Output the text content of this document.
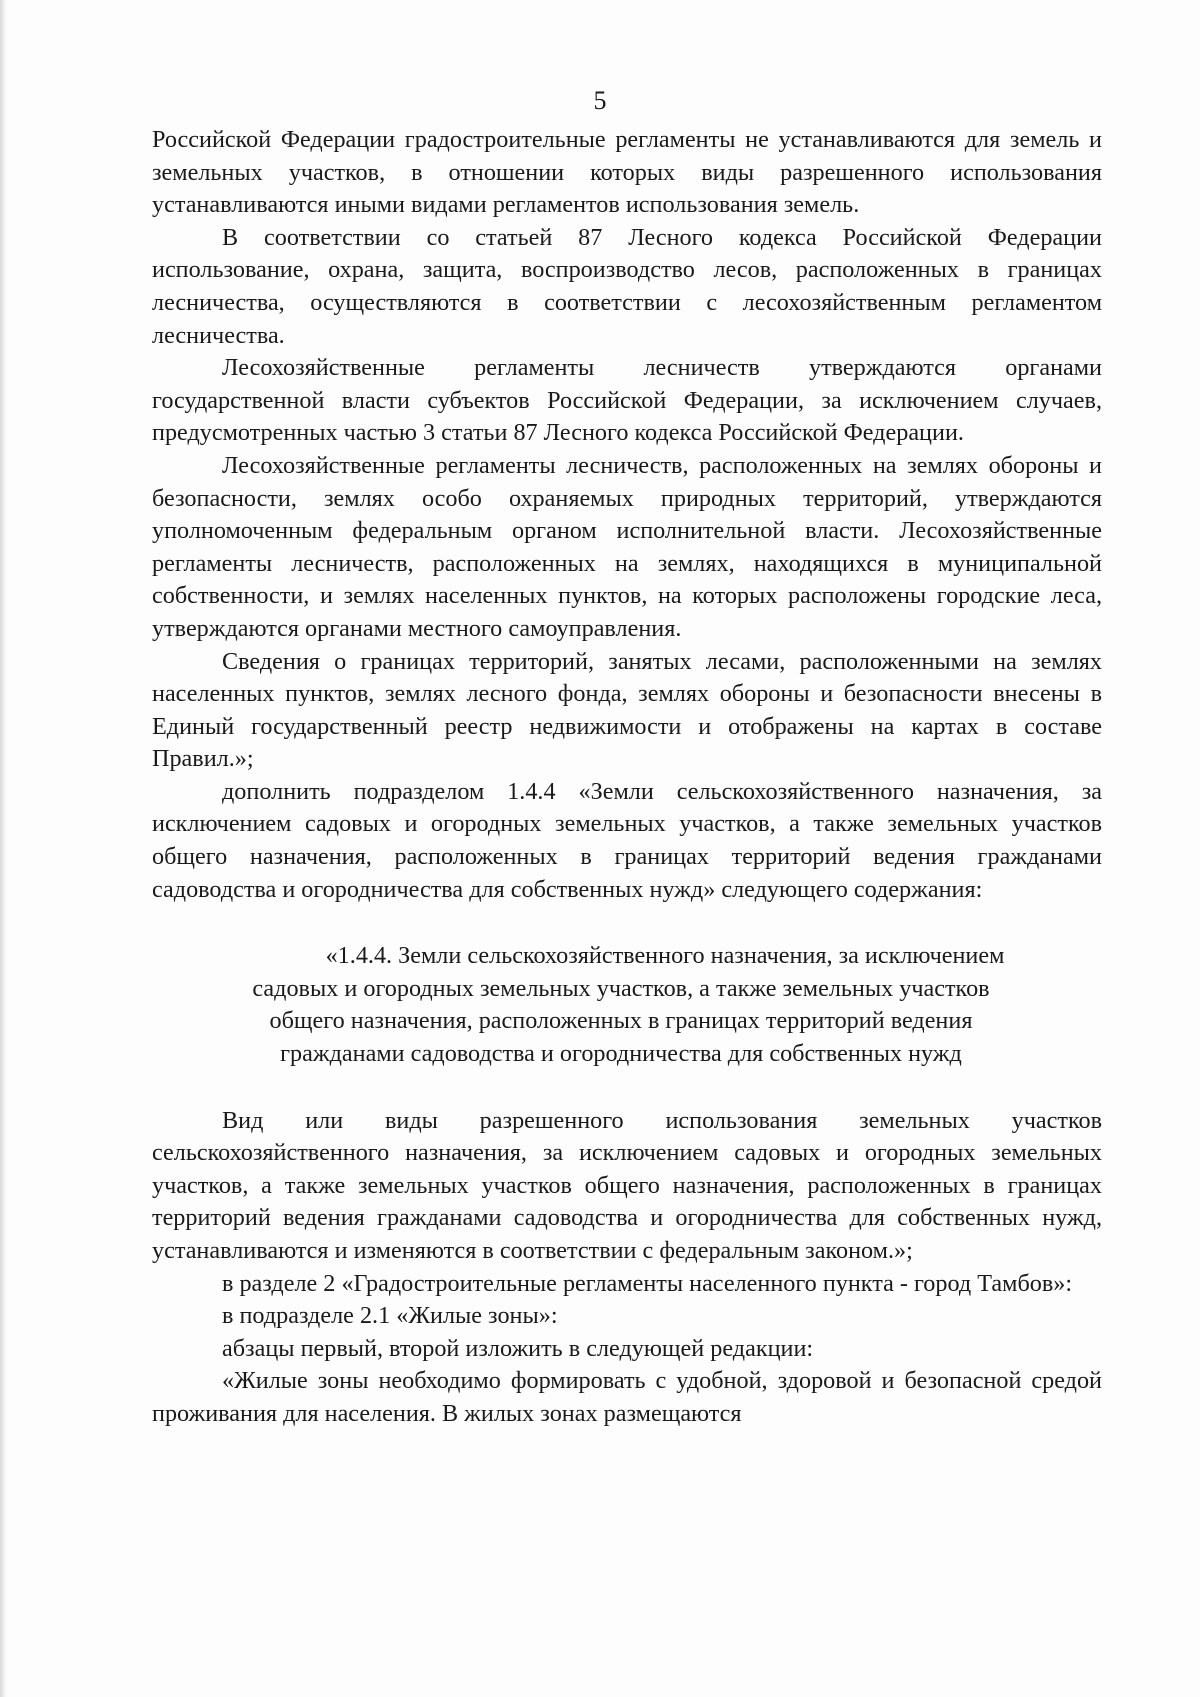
5

Российской Федерации градостроительные регламенты не устанавливаются для земель и земельных участков, в отношении которых виды разрешенного использования устанавливаются иными видами регламентов использования земель.

В соответствии со статьей 87 Лесного кодекса Российской Федерации использование, охрана, защита, воспроизводство лесов, расположенных в границах лесничества, осуществляются в соответствии с лесохозяйственным регламентом лесничества.

Лесохозяйственные регламенты лесничеств утверждаются органами государственной власти субъектов Российской Федерации, за исключением случаев, предусмотренных частью 3 статьи 87 Лесного кодекса Российской Федерации.

Лесохозяйственные регламенты лесничеств, расположенных на землях обороны и безопасности, землях особо охраняемых природных территорий, утверждаются уполномоченным федеральным органом исполнительной власти. Лесохозяйственные регламенты лесничеств, расположенных на землях, находящихся в муниципальной собственности, и землях населенных пунктов, на которых расположены городские леса, утверждаются органами местного самоуправления.

Сведения о границах территорий, занятых лесами, расположенными на землях населенных пунктов, землях лесного фонда, землях обороны и безопасности внесены в Единый государственный реестр недвижимости и отображены на картах в составе Правил.»;

дополнить подразделом 1.4.4 «Земли сельскохозяйственного назначения, за исключением садовых и огородных земельных участков, а также земельных участков общего назначения, расположенных в границах территорий ведения гражданами садоводства и огородничества для собственных нужд» следующего содержания:

«1.4.4. Земли сельскохозяйственного назначения, за исключением
садовых и огородных земельных участков, а также земельных участков
общего назначения, расположенных в границах территорий ведения
гражданами садоводства и огородничества для собственных нужд

Вид или виды разрешенного использования земельных участков сельскохозяйственного назначения, за исключением садовых и огородных земельных участков, а также земельных участков общего назначения, расположенных в границах территорий ведения гражданами садоводства и огородничества для собственных нужд, устанавливаются и изменяются в соответствии с федеральным законом.»;

в разделе 2 «Градостроительные регламенты населенного пункта - город Тамбов»:

в подразделе 2.1 «Жилые зоны»:

абзацы первый, второй изложить в следующей редакции:

«Жилые зоны необходимо формировать с удобной, здоровой и безопасной средой проживания для населения. В жилых зонах размещаются
